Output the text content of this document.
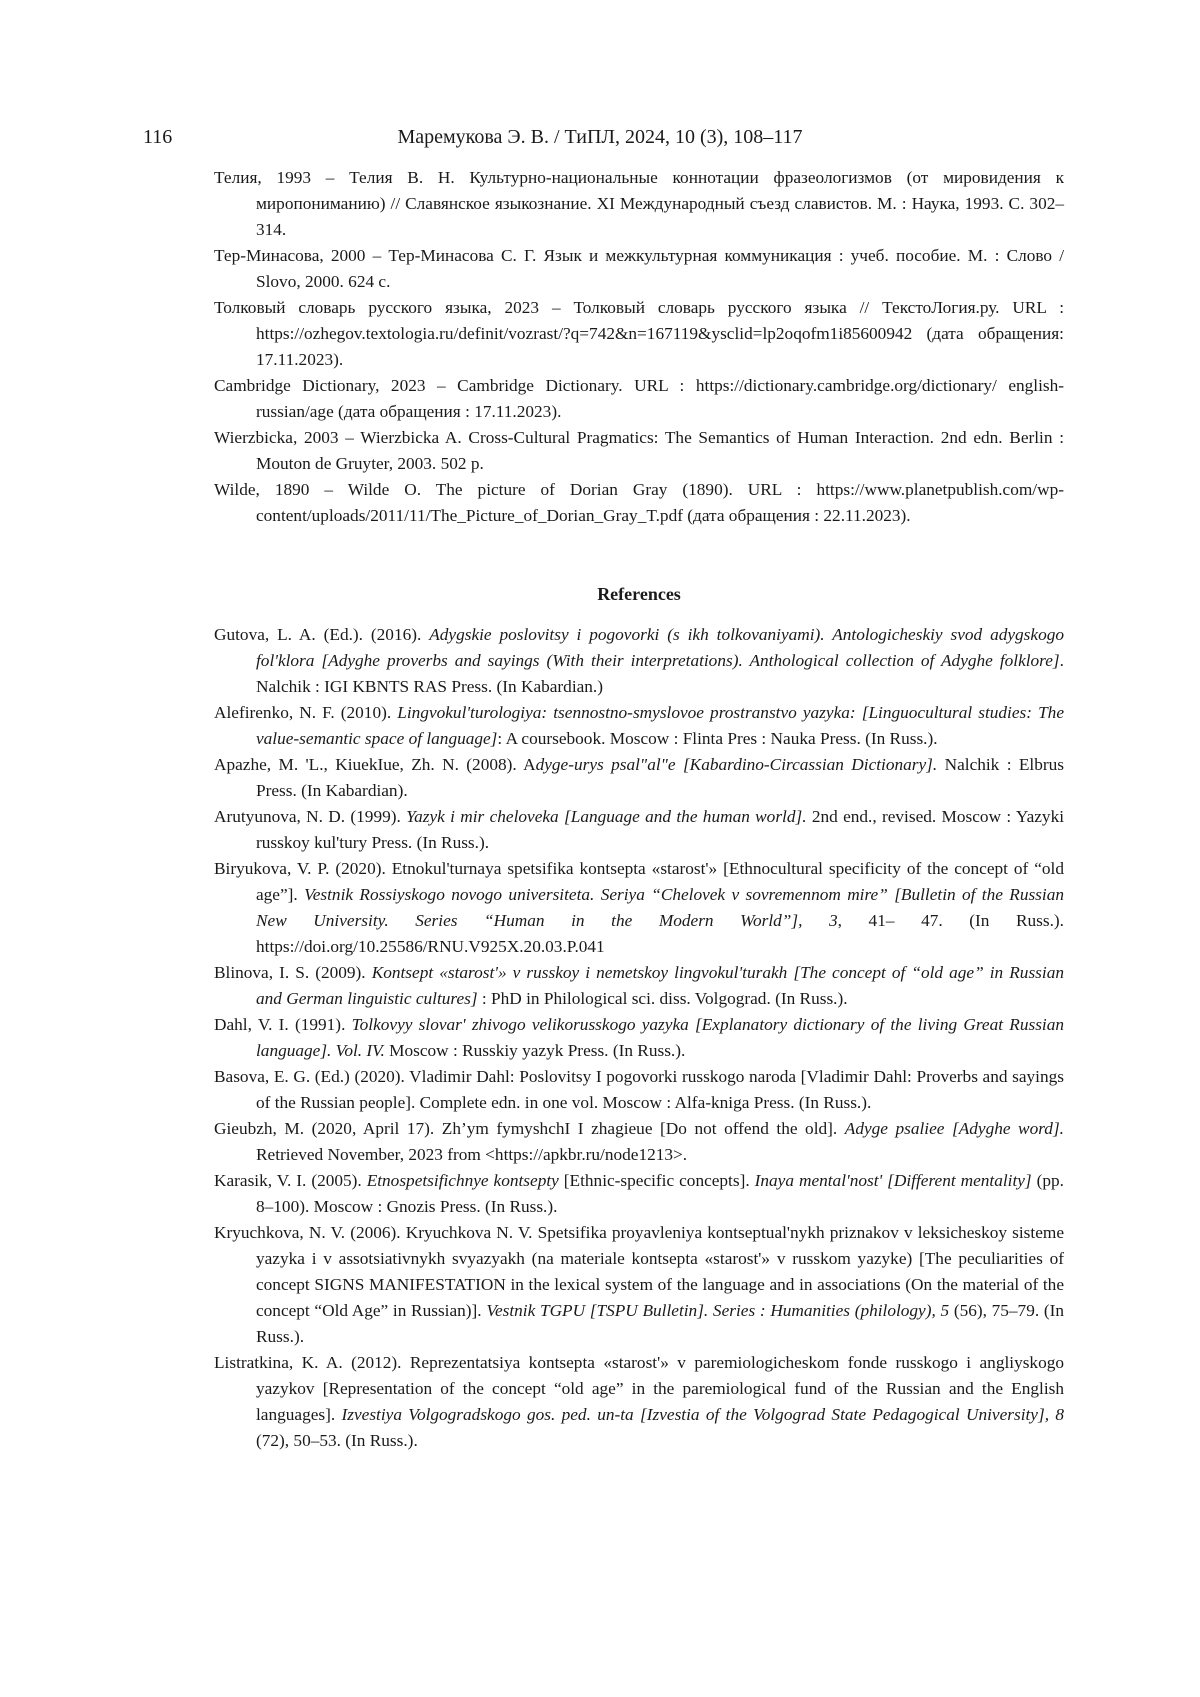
116	Маремукова Э. В. / ТиПЛ, 2024, 10 (3), 108–117

Телия, 1993 – Телия В. Н. Культурно-национальные коннотации фразеологизмов (от мировидения к миропониманию) // Славянское языкознание. XI Международный съезд славистов. М. : Наука, 1993. С. 302–314.

Тер-Минасова, 2000 – Тер-Минасова С. Г. Язык и межкультурная коммуникация : учеб. пособие. М. : Слово / Slovo, 2000. 624 с.

Толковый словарь русского языка, 2023 – Толковый словарь русского языка // ТекстоЛогия.ру. URL : https://ozhegov.textologia.ru/definit/vozrast/?q=742&n=167119&ysclid=lp2oqofm1i85600942 (дата обращения: 17.11.2023).

Cambridge Dictionary, 2023 – Cambridge Dictionary. URL : https://dictionary.cambridge.org/dictionary/ english-russian/age (дата обращения : 17.11.2023).

Wierzbicka, 2003 – Wierzbicka A. Cross-Cultural Pragmatics: The Semantics of Human Interaction. 2nd edn. Berlin : Mouton de Gruyter, 2003. 502 p.

Wilde, 1890 – Wilde O. The picture of Dorian Gray (1890). URL : https://www.planetpublish.com/wp-content/uploads/2011/11/The_Picture_of_Dorian_Gray_T.pdf (дата обращения : 22.11.2023).

References

Gutova, L. A. (Ed.). (2016). Adygskie poslovitsy i pogovorki (s ikh tolkovaniyami). Antologicheskiy svod adygskogo fol'klora [Adyghe proverbs and sayings (With their interpretations). Anthological collection of Adyghe folklore]. Nalchik : IGI KBNTS RAS Press. (In Kabardian.)

Alefirenko, N. F. (2010). Lingvokul'turologiya: tsennostno-smyslovoe prostranstvo yazyka: [Linguocultural studies: The value-semantic space of language]: A coursebook. Moscow : Flinta Pres : Nauka Press. (In Russ.).

Apazhe, M. 'L., KiuekIue, Zh. N. (2008). Adyge-urys psal"al"e [Kabardino-Circassian Dictionary]. Nalchik : Elbrus Press. (In Kabardian).

Arutyunova, N. D. (1999). Yazyk i mir cheloveka [Language and the human world]. 2nd end., revised. Moscow : Yazyki russkoy kul'tury Press. (In Russ.).

Biryukova, V. P. (2020). Etnokul'turnaya spetsifika kontsepta «starost'» [Ethnocultural specificity of the concept of “old age”]. Vestnik Rossiyskogo novogo universiteta. Seriya “Chelovek v sovremennom mire” [Bulletin of the Russian New University. Series “Human in the Modern World”], 3, 41– 47. (In Russ.). https://doi.org/10.25586/RNU.V925X.20.03.P.041

Blinova, I. S. (2009). Kontsept «starost'» v russkoy i nemetskoy lingvokul'turakh [The concept of “old age” in Russian and German linguistic cultures] : PhD in Philological sci. diss. Volgograd. (In Russ.).

Dahl, V. I. (1991). Tolkovyy slovar' zhivogo velikorusskogo yazyka [Explanatory dictionary of the living Great Russian language]. Vol. IV. Moscow : Russkiy yazyk Press. (In Russ.).

Basova, E. G. (Ed.) (2020). Vladimir Dahl: Poslovitsy I pogovorki russkogo naroda [Vladimir Dahl: Proverbs and sayings of the Russian people]. Complete edn. in one vol. Moscow : Alfa-kniga Press. (In Russ.).

Gieubzh, M. (2020, April 17). Zh’ym fymyshchI I zhagieue [Do not offend the old]. Adyge psaliee [Adyghe word]. Retrieved November, 2023 from <https://apkbr.ru/node1213>.

Karasik, V. I. (2005). Etnospetsifichnye kontsepty [Ethnic-specific concepts]. Inaya mental'nost' [Different mentality] (pp. 8–100). Moscow : Gnozis Press. (In Russ.).

Kryuchkova, N. V. (2006). Kryuchkova N. V. Spetsifika proyavleniya kontseptual'nykh priznakov v leksicheskoy sisteme yazyka i v assotsiativnykh svyazyakh (na materiale kontsepta «starost'» v russkom yazyke) [The peculiarities of concept SIGNS MANIFESTATION in the lexical system of the language and in associations (On the material of the concept “Old Age” in Russian)]. Vestnik TGPU [TSPU Bulletin]. Series : Humanities (philology), 5 (56), 75–79. (In Russ.).

Listratkina, K. A. (2012). Reprezentatsiya kontsepta «starost'» v paremiologicheskom fonde russkogo i angliyskogo yazykov [Representation of the concept “old age” in the paremiological fund of the Russian and the English languages]. Izvestiya Volgogradskogo gos. ped. un-ta [Izvestia of the Volgograd State Pedagogical University], 8 (72), 50–53. (In Russ.).
